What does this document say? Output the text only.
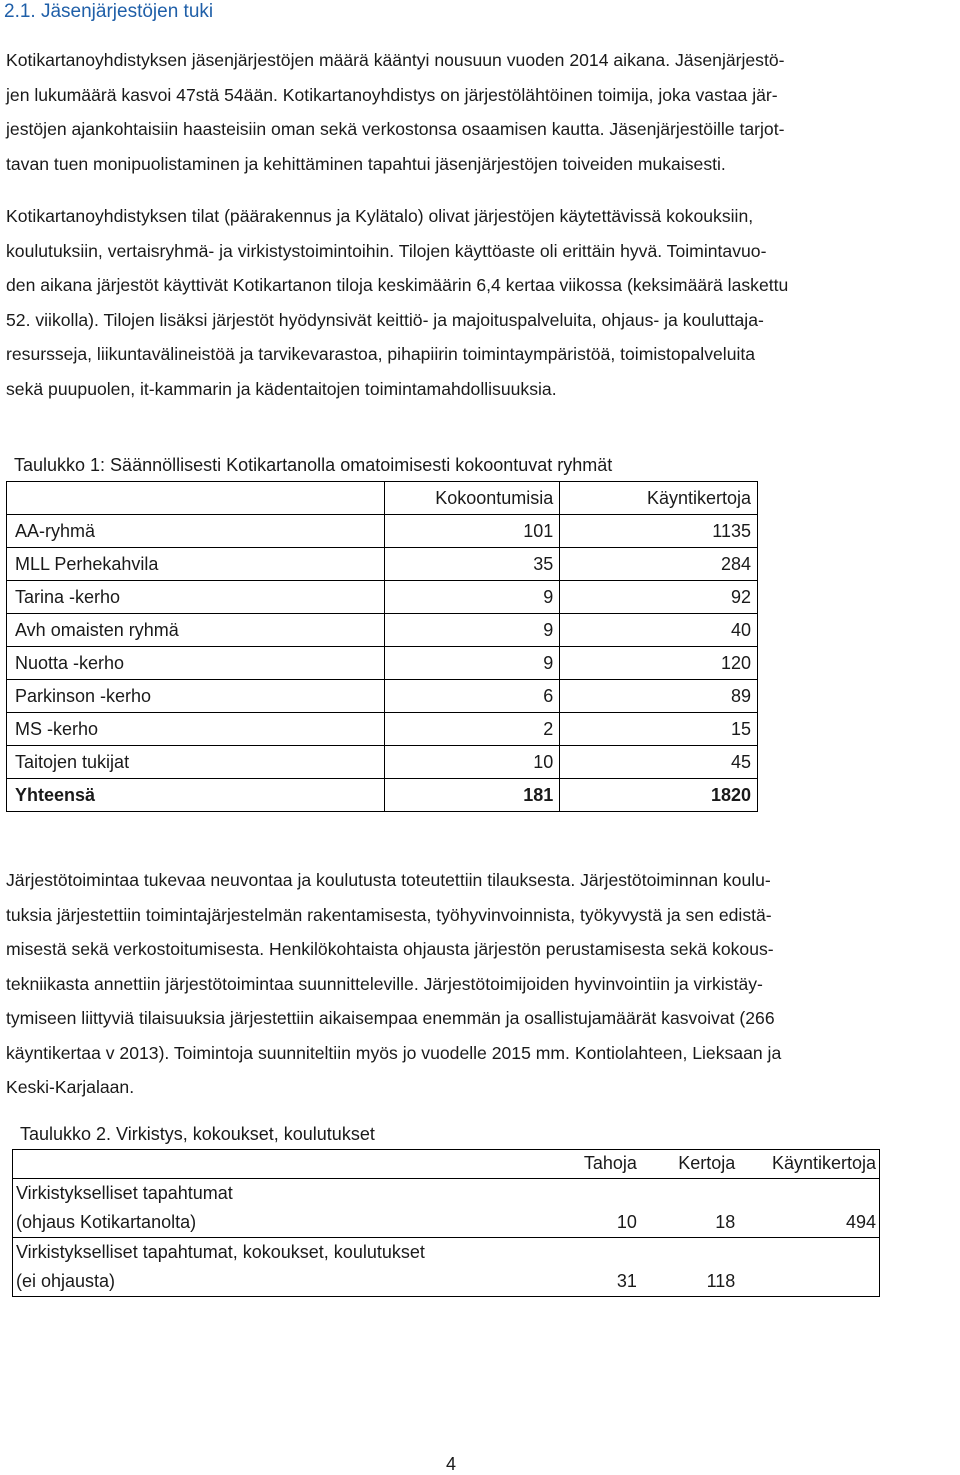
2.1. Jäsenjärjestöjen tuki
Kotikartanoyhdistyksen jäsenjärjestöjen määrä kääntyi nousuun vuoden 2014 aikana. Jäsenjärjestö-
jen lukumäärä kasvoi 47stä 54ään. Kotikartanoyhdistys on järjestölähtöinen toimija, joka vastaa jär-
jestöjen ajankohtaisiin haasteisiin oman sekä verkostonsa osaamisen kautta. Jäsenjärjestöille tarjot-
tavan tuen monipuolistaminen ja kehittäminen tapahtui jäsenjärjestöjen toiveiden mukaisesti.
Kotikartanoyhdistyksen tilat (päärakennus ja Kylätalo) olivat järjestöjen käytettävissä kokouksiin,
koulutuksiin, vertaisryhmä- ja virkistystoimintoihin. Tilojen käyttöaste oli erittäin hyvä. Toimintavuo-
den aikana järjestöt käyttivät Kotikartanon tiloja keskimäärin 6,4 kertaa viikossa (keksimäärä laskettu
52. viikolla). Tilojen lisäksi järjestöt hyödynsivät keittiö- ja majoituspalveluita, ohjaus- ja kouluttaja-
resursseja, liikuntavälineistöä ja tarvikevarastoa, pihapiirin toimintaympäristöä, toimistopalveluita
sekä puupuolen, it-kammarin ja kädentaitojen toimintamahdollisuuksia.
Taulukko 1: Säännöllisesti Kotikartanolla omatoimisesti kokoontuvat ryhmät
	Kokoontumisia	Käyntikertoja
AA-ryhmä	101	1135
MLL Perhekahvila	35	284
Tarina -kerho	9	92
Avh omaisten ryhmä	9	40
Nuotta -kerho	9	120
Parkinson -kerho	6	89
MS -kerho	2	15
Taitojen tukijat	10	45
Yhteensä	181	1820
Järjestötoimintaa tukevaa neuvontaa ja koulutusta toteutettiin tilauksesta. Järjestötoiminnan koulu-
tuksia järjestettiin toimintajärjestelmän rakentamisesta, työhyvinvoinnista, työkyvystä ja sen edistä-
misestä sekä verkostoitumisesta. Henkilökohtaista ohjausta järjestön perustamisesta sekä kokous-
tekniikasta annettiin järjestötoimintaa suunnitteleville. Järjestötoimijoiden hyvinvointiin ja virkistäy-
tymiseen liittyviä tilaisuuksia järjestettiin aikaisempaa enemmän ja osallistujamäärät kasvoivat (266
käyntikertaa v 2013). Toimintoja suunniteltiin myös jo vuodelle 2015 mm. Kontiolahteen, Lieksaan ja
Keski-Karjalaan.
Taulukko 2. Virkistys, kokoukset, koulutukset
	Tahoja	Kertoja	Käyntikertoja
Virkistykselliset tapahtumat			
(ohjaus Kotikartanolta)	10	18	494
Virkistykselliset tapahtumat, kokoukset, koulutukset			
(ei ohjausta)	31	118	
4
